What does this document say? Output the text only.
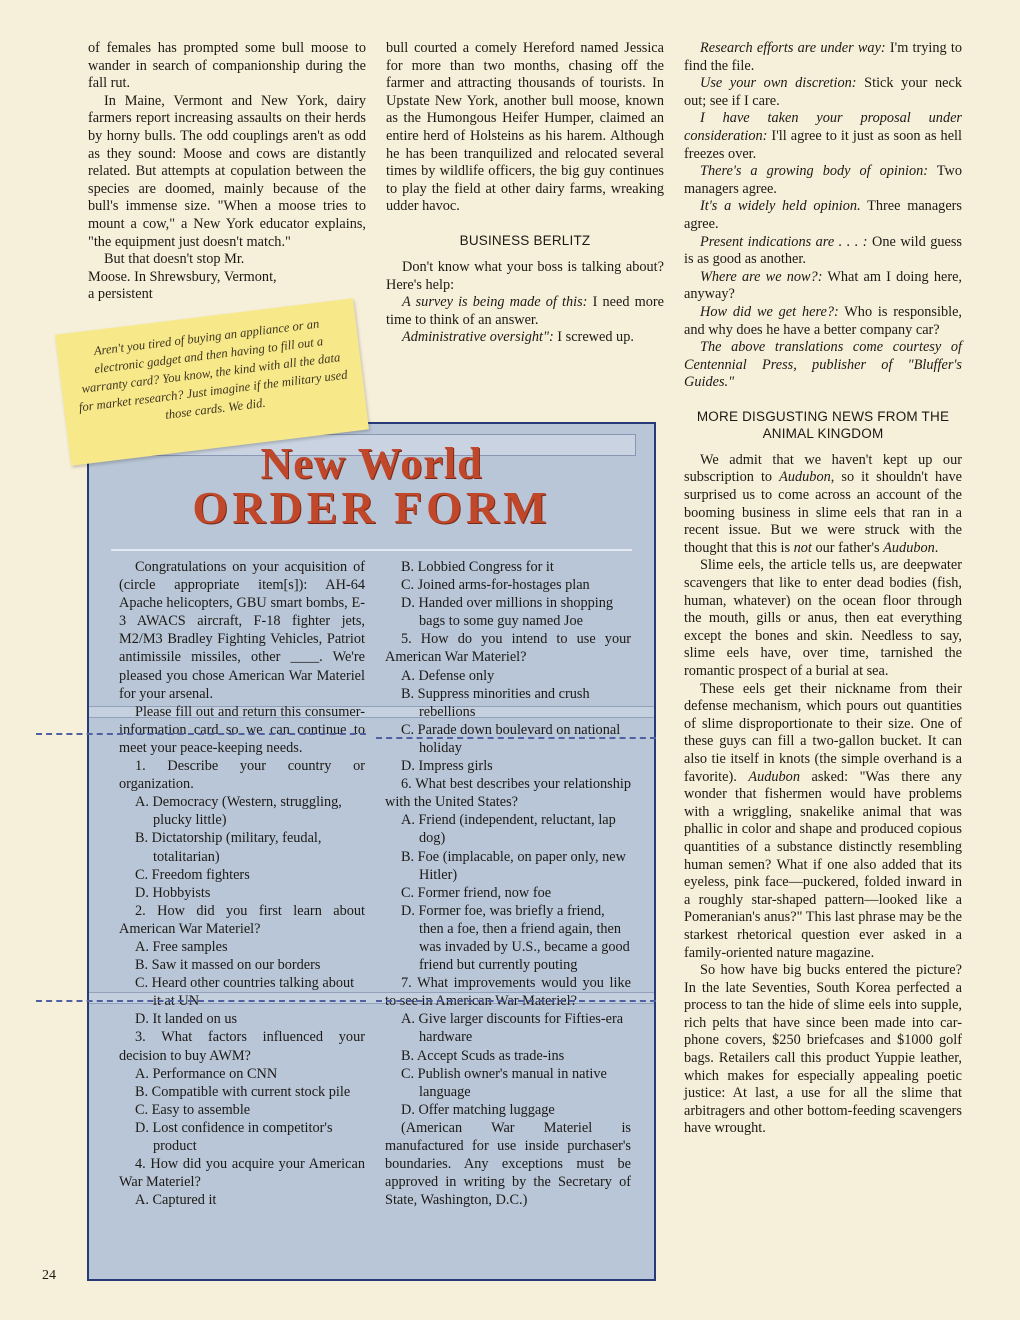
of females has prompted some bull moose to wander in search of companionship during the fall rut.

In Maine, Vermont and New York, dairy farmers report increasing assaults on their herds by horny bulls. The odd couplings aren't as odd as they sound: Moose and cows are distantly related. But attempts at copulation between the species are doomed, mainly because of the bull's immense size. "When a moose tries to mount a cow," a New York educator explains, "the equipment just doesn't match."

But that doesn't stop Mr. Moose. In Shrewsbury, Vermont, a persistent

bull courted a comely Hereford named Jessica for more than two months, chasing off the farmer and attracting thousands of tourists. In Upstate New York, another bull moose, known as the Humongous Heifer Humper, claimed an entire herd of Holsteins as his harem. Although he has been tranquilized and relocated several times by wildlife officers, the big guy continues to play the field at other dairy farms, wreaking udder havoc.

BUSINESS BERLITZ

Don't know what your boss is talking about? Here's help:

A survey is being made of this: I need more time to think of an answer.

Administrative oversight": I screwed up.

Research efforts are under way: I'm trying to find the file.

Use your own discretion: Stick your neck out; see if I care.

I have taken your proposal under consideration: I'll agree to it just as soon as hell freezes over.

There's a growing body of opinion: Two managers agree.

It's a widely held opinion. Three managers agree.

Present indications are . . . : One wild guess is as good as another.

Where are we now?: What am I doing here, anyway?

How did we get here?: Who is responsible, and why does he have a better company car?

The above translations come courtesy of Centennial Press, publisher of "Bluffer's Guides."

MORE DISGUSTING NEWS FROM THE ANIMAL KINGDOM

We admit that we haven't kept up our subscription to Audubon, so it shouldn't have surprised us to come across an account of the booming business in slime eels that ran in a recent issue. But we were struck with the thought that this is not our father's Audubon.

Slime eels, the article tells us, are deepwater scavengers that like to enter dead bodies (fish, human, whatever) on the ocean floor through the mouth, gills or anus, then eat everything except the bones and skin. Needless to say, slime eels have, over time, tarnished the romantic prospect of a burial at sea.

These eels get their nickname from their defense mechanism, which pours out quantities of slime disproportionate to their size. One of these guys can fill a two-gallon bucket. It can also tie itself in knots (the simple overhand is a favorite). Audubon asked: "Was there any wonder that fishermen would have problems with a wriggling, snakelike animal that was phallic in color and shape and produced copious quantities of a substance distinctly resembling human semen? What if one also added that its eyeless, pink face—puckered, folded inward in a roughly star-shaped pattern—looked like a Pomeranian's anus?" This last phrase may be the starkest rhetorical question ever asked in a family-oriented nature magazine.

So how have big bucks entered the picture? In the late Seventies, South Korea perfected a process to tan the hide of slime eels into supple, rich pelts that have since been made into car-phone covers, $250 briefcases and $1000 golf bags. Retailers call this product Yuppie leather, which makes for especially appealing poetic justice: At last, a use for all the slime that arbitragers and other bottom-feeding scavengers have wrought.

New World
ORDER FORM

Congratulations on your acquisition of (circle appropriate item[s]): AH-64 Apache helicopters, GBU smart bombs, E-3 AWACS aircraft, F-18 fighter jets, M2/M3 Bradley Fighting Vehicles, Patriot antimissile missiles, other ____. We're pleased you chose American War Materiel for your arsenal.

Please fill out and return this consumer-information card so we can continue to meet your peace-keeping needs.

1. Describe your country or organization.

A. Democracy (Western, struggling, plucky little)

B. Dictatorship (military, feudal, totalitarian)

C. Freedom fighters

D. Hobbyists

2. How did you first learn about American War Materiel?

A. Free samples

B. Saw it massed on our borders

C. Heard other countries talking about it at UN

D. It landed on us

3. What factors influenced your decision to buy AWM?

A. Performance on CNN

B. Compatible with current stock pile

C. Easy to assemble

D. Lost confidence in competitor's product

4. How did you acquire your American War Materiel?

A. Captured it

B. Lobbied Congress for it

C. Joined arms-for-hostages plan

D. Handed over millions in shopping bags to some guy named Joe

5. How do you intend to use your American War Materiel?

A. Defense only

B. Suppress minorities and crush rebellions

C. Parade down boulevard on national holiday

D. Impress girls

6. What best describes your relationship with the United States?

A. Friend (independent, reluctant, lap dog)

B. Foe (implacable, on paper only, new Hitler)

C. Former friend, now foe

D. Former foe, was briefly a friend, then a foe, then a friend again, then was invaded by U.S., became a good friend but currently pouting

7. What improvements would you like to see in American War Materiel?

A. Give larger discounts for Fifties-era hardware

B. Accept Scuds as trade-ins

C. Publish owner's manual in native language

D. Offer matching luggage

(American War Materiel is manufactured for use inside purchaser's boundaries. Any exceptions must be approved in writing by the Secretary of State, Washington, D.C.)

Aren't you tired of buying an appliance or an electronic gadget and then having to fill out a warranty card? You know, the kind with all the data for market research? Just imagine if the military used those cards. We did.
24
